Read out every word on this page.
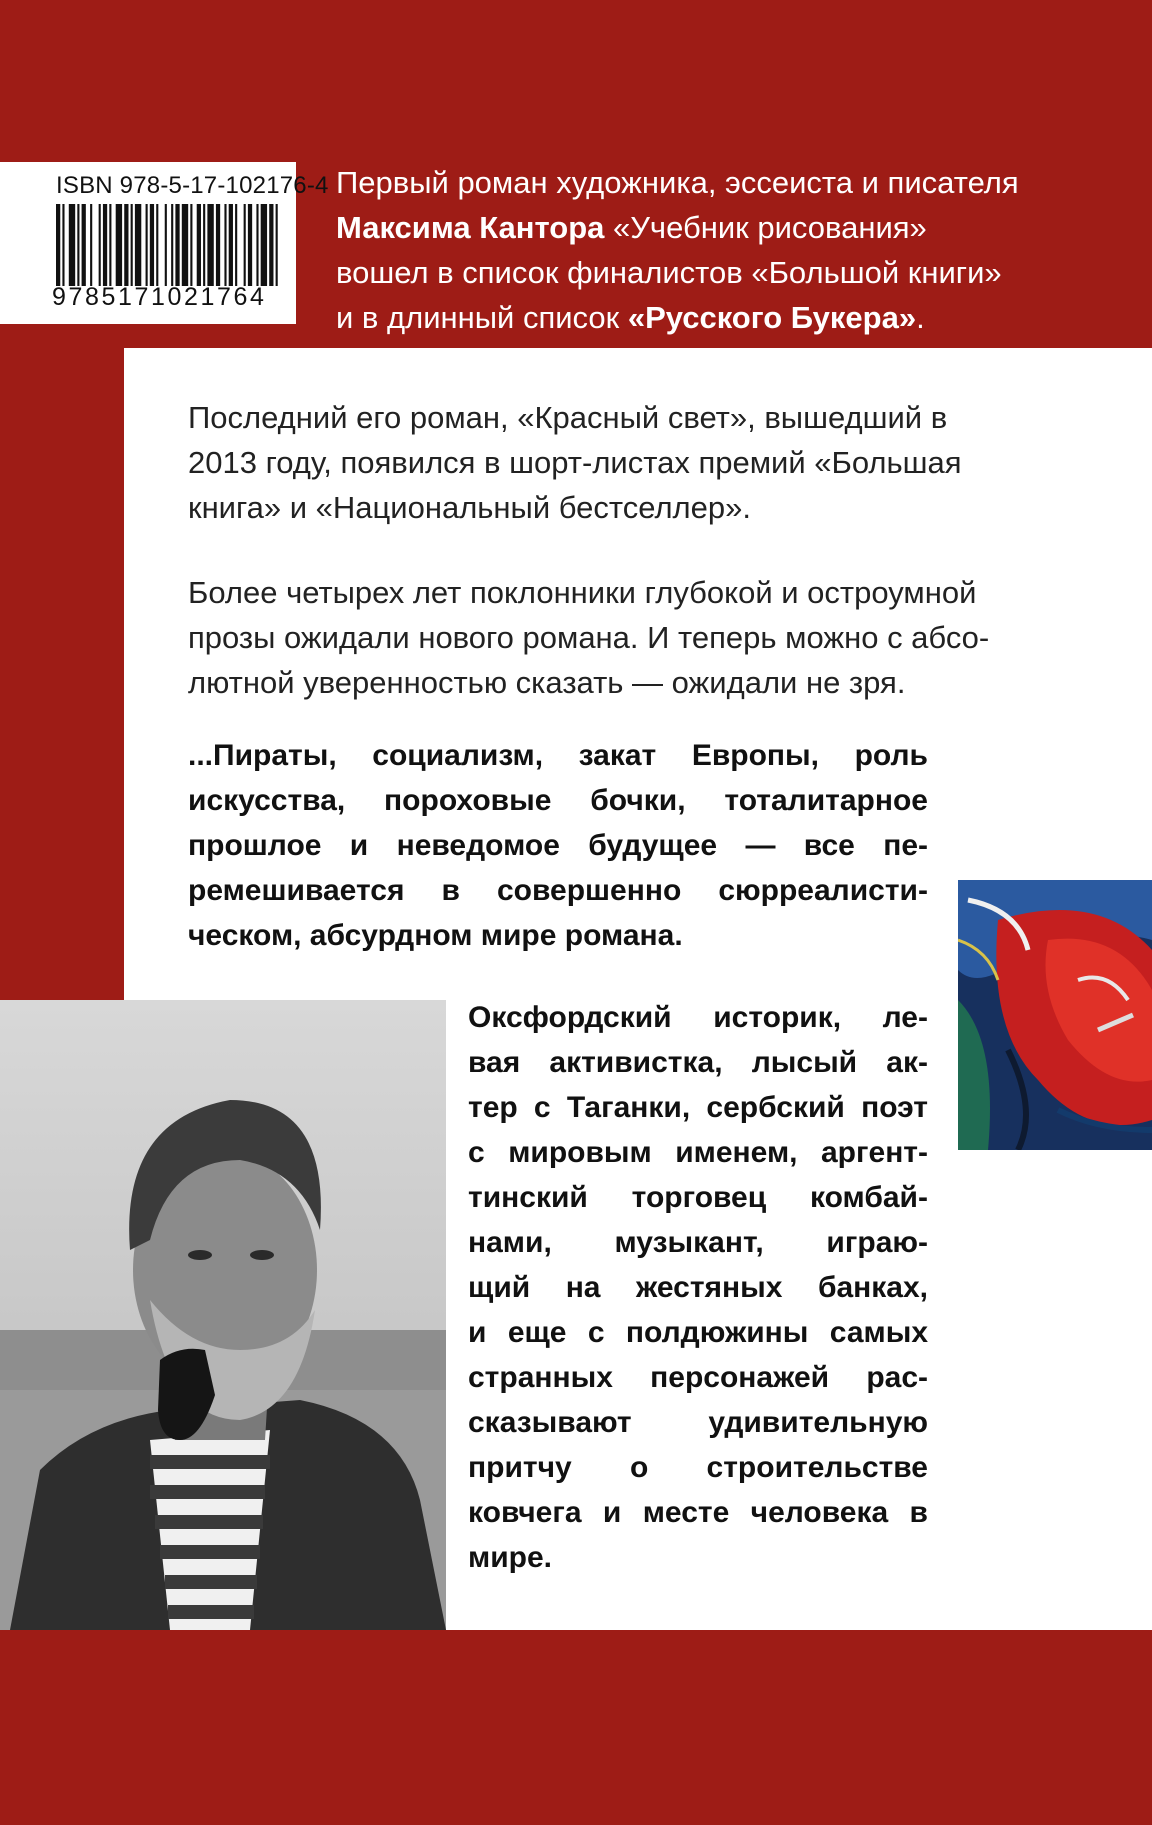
ISBN 978-5-17-102176-4
9785171021764
Первый роман художника, эссеиста и писателя
Максима Кантора «Учебник рисования»
вошел в список финалистов «Большой книги»
и в длинный список «Русского Букера».
Последний его роман, «Красный свет», вышедший в
2013 году, появился в шорт-листах премий «Большая
книга» и «Национальный бестселлер».
Более четырех лет поклонники глубокой и остроумной
прозы ожидали нового романа. И теперь можно с абсо-
лютной уверенностью сказать — ожидали не зря.
...Пираты, социализм, закат Европы, роль
искусства, пороховые бочки, тоталитарное
прошлое и неведомое будущее — все пе-
ремешивается в совершенно сюрреалисти-
ческом, абсурдном мире романа.
Оксфордский историк, ле-
вая активистка, лысый ак-
тер с Таганки, сербский поэт
с мировым именем, аргент-
тинский торговец комбай-
нами, музыкант, играю-
щий на жестяных банках,
и еще с полдюжины самых
странных персонажей рас-
сказывают удивительную
притчу о строительстве
ковчега и месте человека в
мире.
